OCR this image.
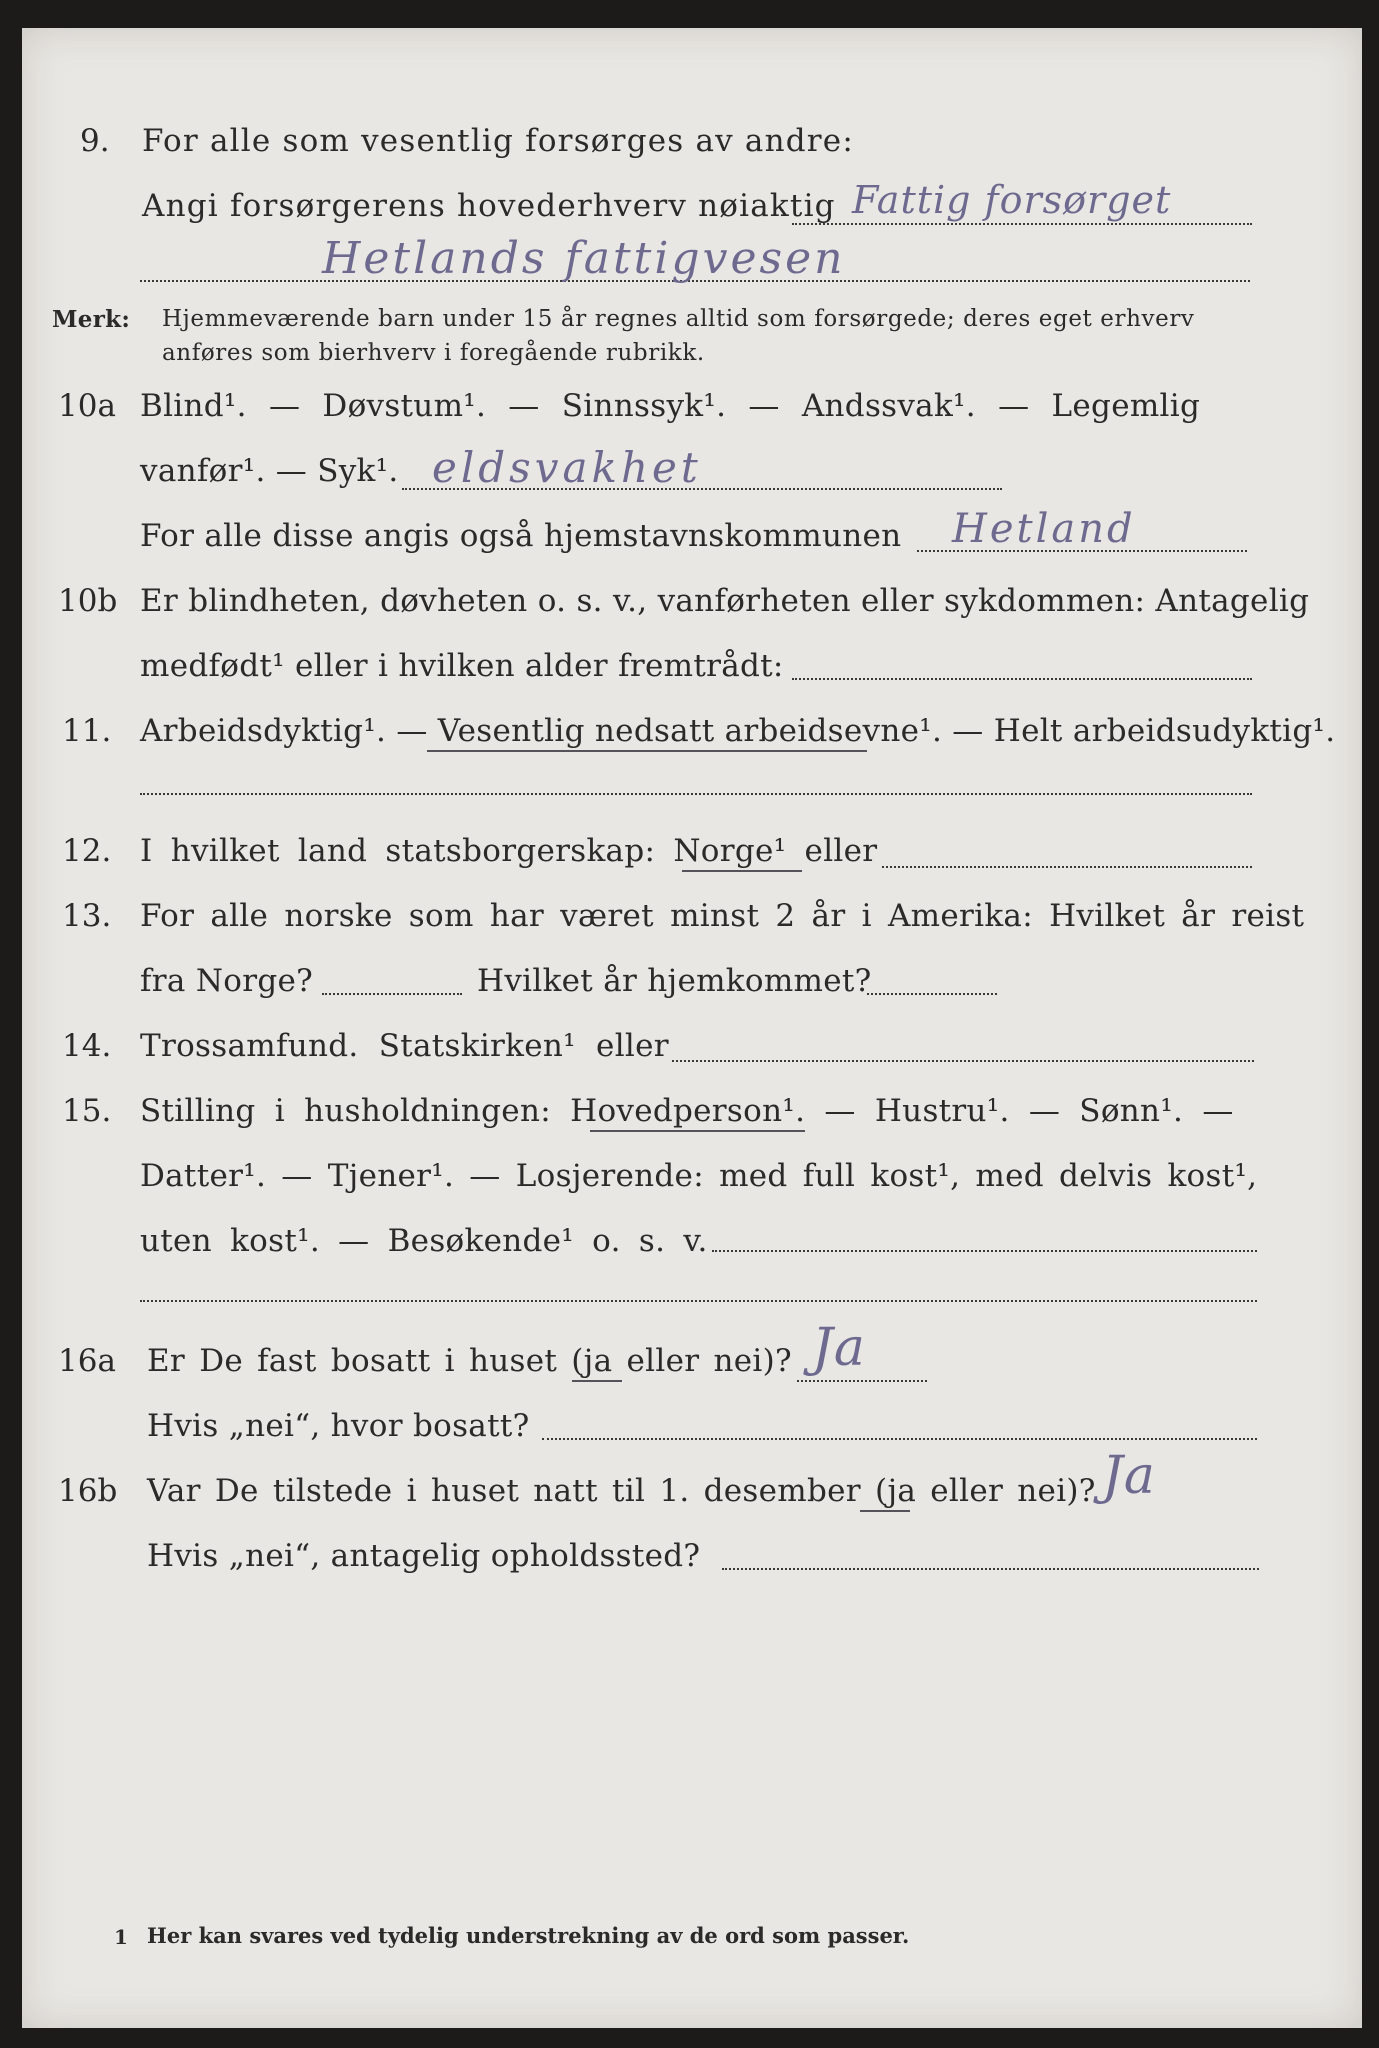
9. For alle som vesentlig forsørges av andre:
Angi forsørgerens hovederhverv nøiaktig Fattig forsørget
Hetlands fattigvesen
Merk: Hjemmeværende barn under 15 år regnes alltid som forsørgede; deres eget erhverv
anføres som bierhverv i foregående rubrikk.
10a Blind¹. — Døvstum¹. — Sinnssyk¹. — Andssvak¹. — Legemlig
vanfør¹. — Syk¹. eldsvakhet
For alle disse angis også hjemstavnskommunen Hetland
10b Er blindheten, døvheten o. s. v., vanførheten eller sykdommen: Antagelig
medfødt¹ eller i hvilken alder fremtrådt:
11. Arbeidsdyktig¹. — Vesentlig nedsatt arbeidsevne¹. — Helt arbeidsudyktig¹.
12. I hvilket land statsborgerskap: Norge¹ eller
13. For alle norske som har været minst 2 år i Amerika: Hvilket år reist
fra Norge?	Hvilket år hjemkommet?
14. Trossamfund. Statskirken¹ eller
15. Stilling i husholdningen: Hovedperson¹. — Hustru¹. — Sønn¹. —
Datter¹. — Tjener¹. — Losjerende: med full kost¹, med delvis kost¹,
uten kost¹. — Besøkende¹ o. s. v.
16a Er De fast bosatt i huset (ja eller nei)? Ja
Hvis „nei“, hvor bosatt?
16b Var De tilstede i huset natt til 1. desember (ja eller nei)? Ja
Hvis „nei“, antagelig opholdssted?
1 Her kan svares ved tydelig understrekning av de ord som passer.
